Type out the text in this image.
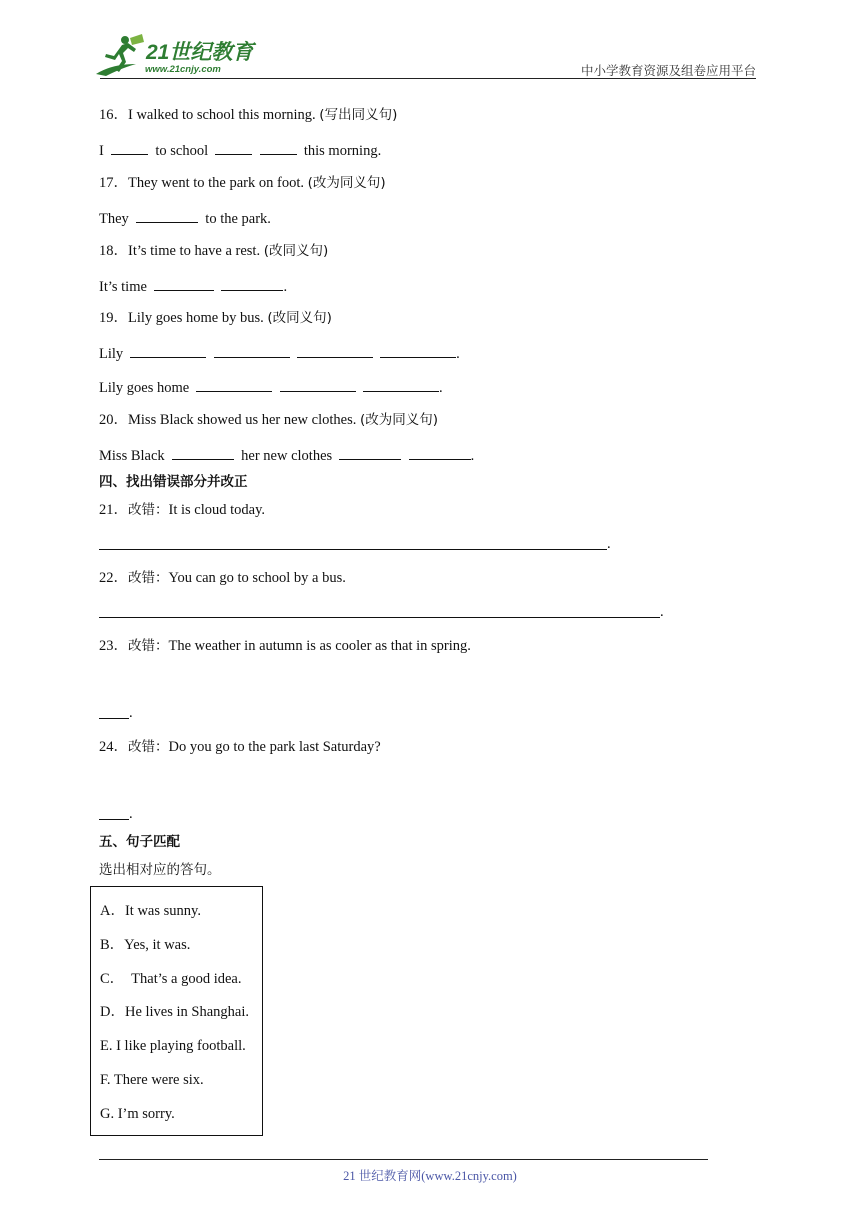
21世纪教育
www.21cnjy.com	中小学教育资源及组卷应用平台
16．I walked to school this morning. (写出同义句)
I	to school	this morning.
17．They went to the park on foot. (改为同义句)
They	to the park.
18．It’s time to have a rest. (改同义句)
It’s time	.
19．Lily goes home by bus. (改同义句)
Lily	.
Lily goes home	.
20．Miss Black showed us her new clothes. (改为同义句)
Miss Black	her new clothes	.
四、找出错误部分并改正
21．改错：It is cloud today.
.
22．改错：You can go to school by a bus.
.
23．改错：The weather in autumn is as cooler as that in spring.
.
24．改错：Do you go to the park last Saturday?
.
五、句子匹配
选出相对应的答句。
A．It was sunny.
B．Yes, it was.
C．  That’s a good idea.
D．He lives in Shanghai.
E. I like playing football.
F. There were six.
G. I’m sorry.
21 世纪教育网(www.21cnjy.com)
